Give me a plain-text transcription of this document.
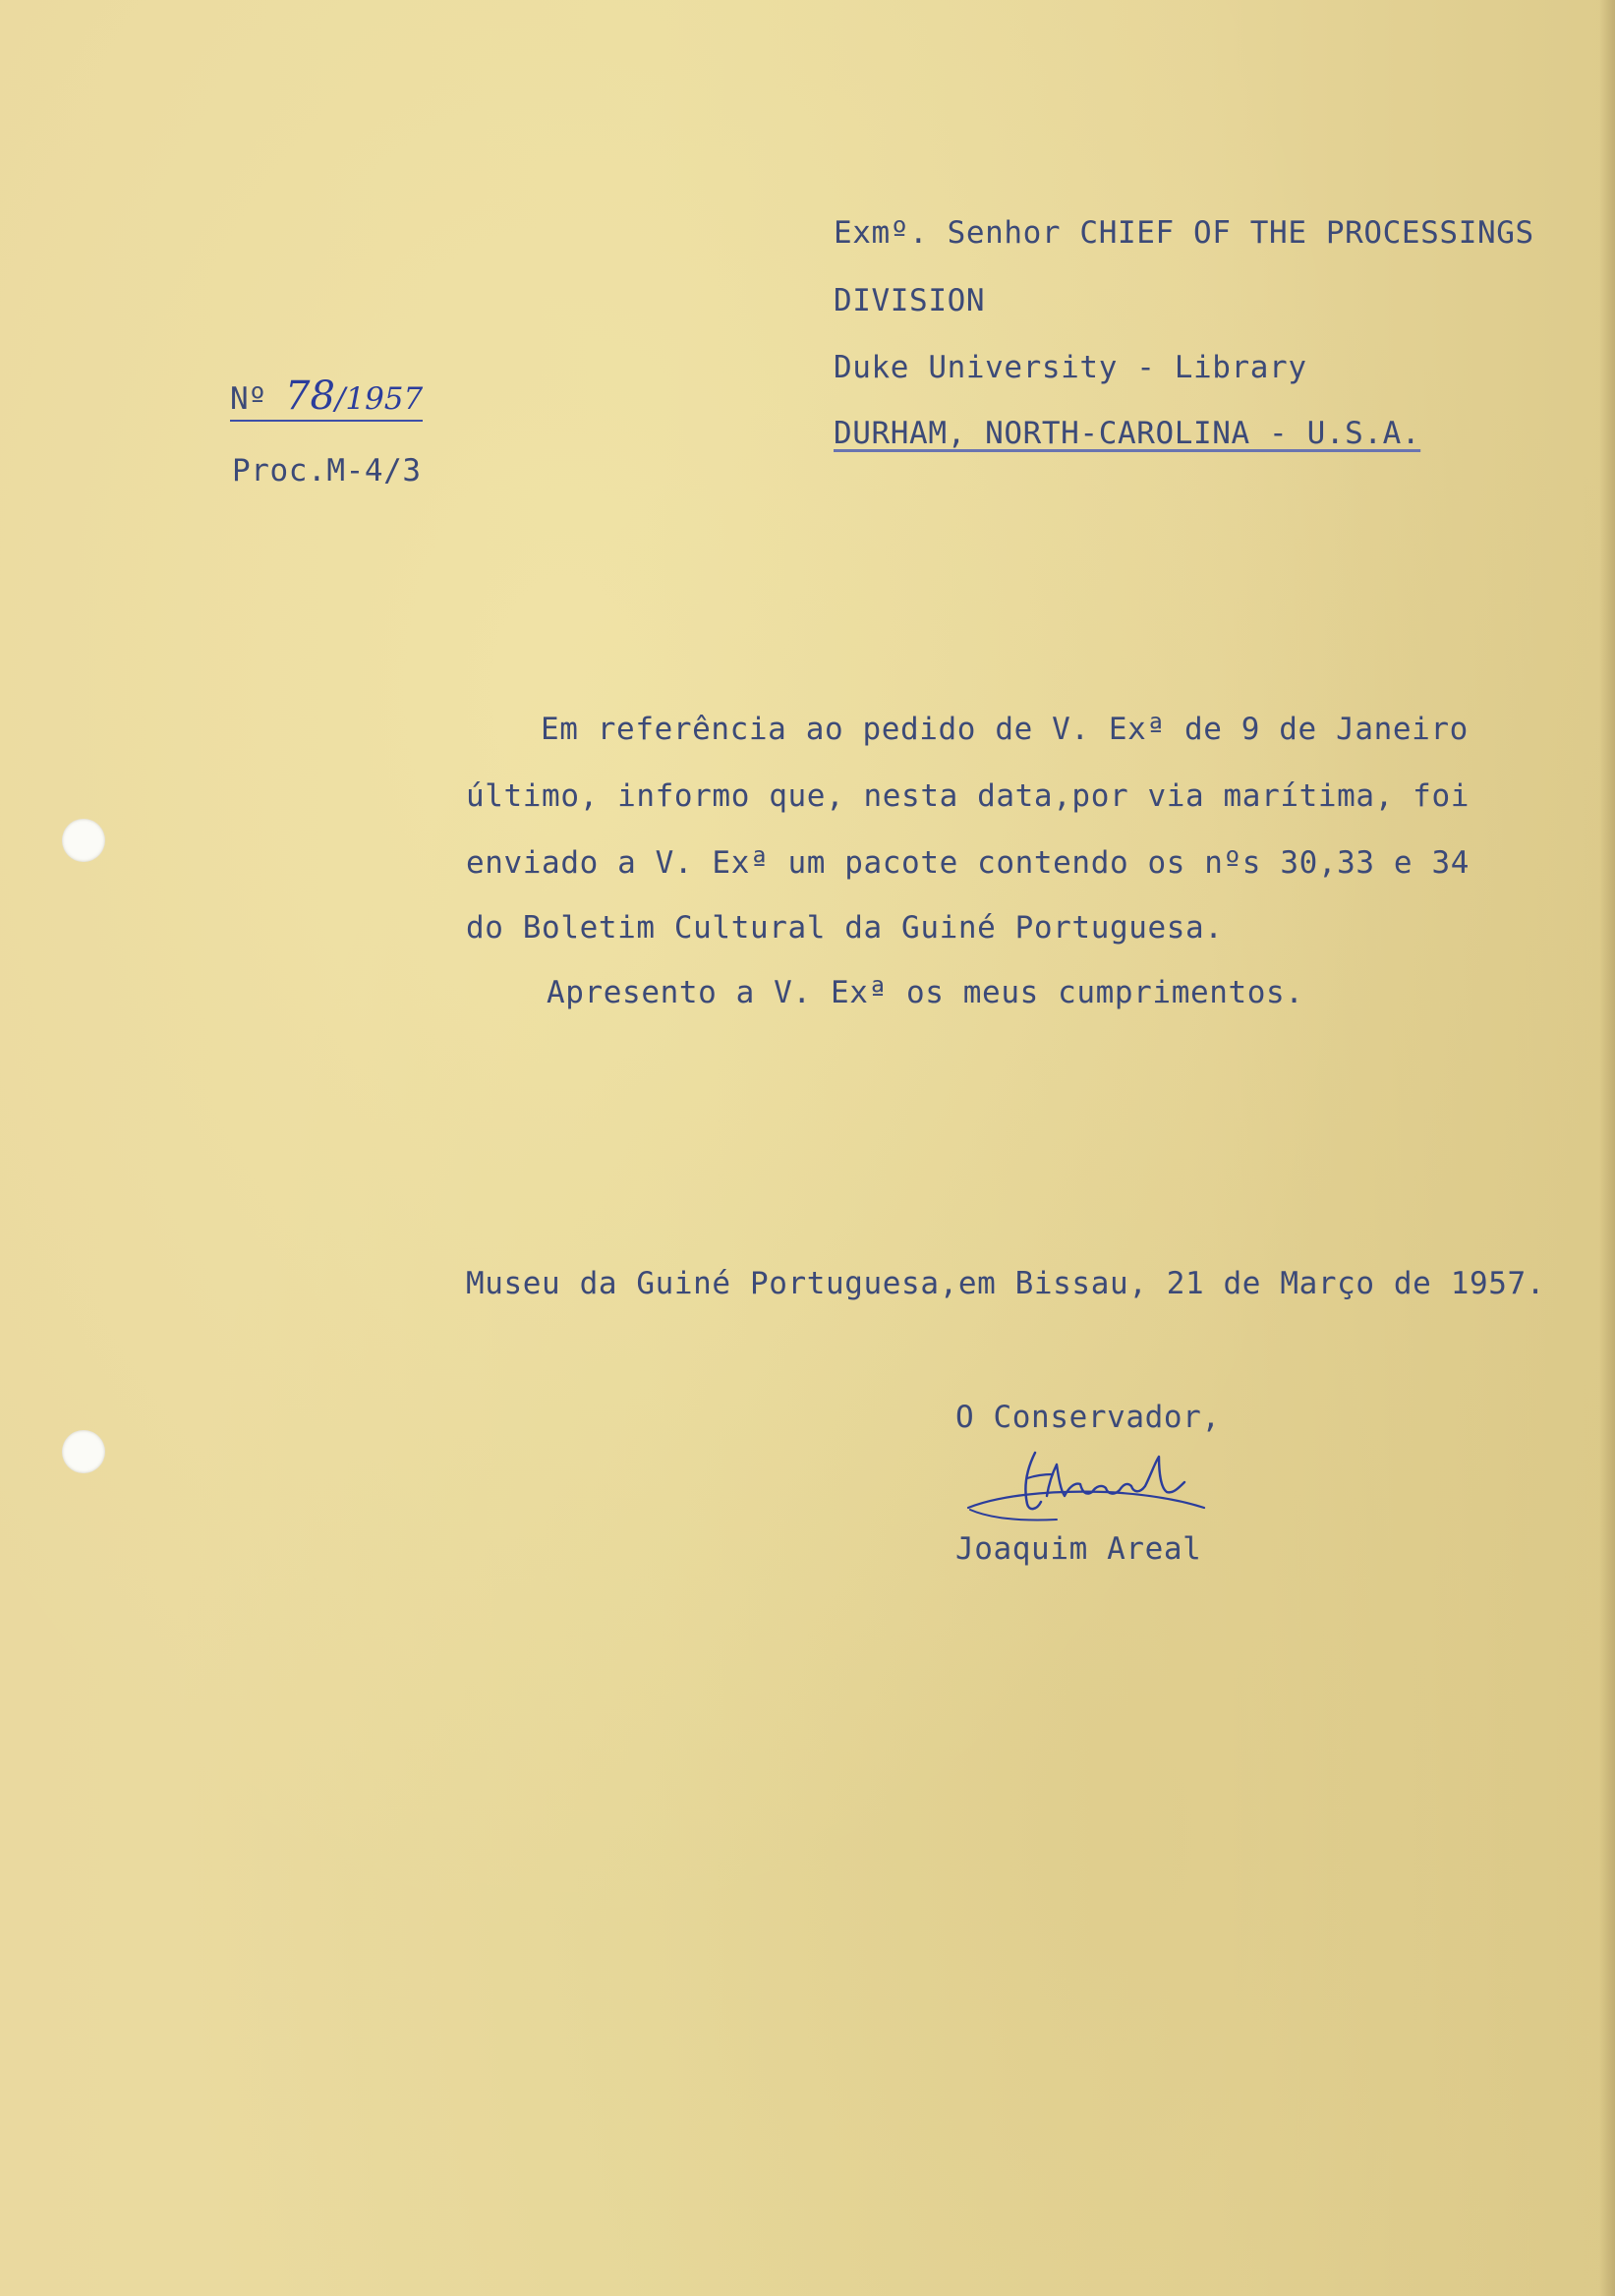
Exmº. Senhor CHIEF OF THE PROCESSINGS
DIVISION
Duke University - Library
DURHAM, NORTH-CAROLINA - U.S.A.
Nº 78/1957
Proc.M-4/3
Em referência ao pedido de V. Exª de 9 de Janeiro
último, informo que, nesta data,por via marítima, foi
enviado a V. Exª um pacote contendo os nºs 30,33 e 34
do Boletim Cultural da Guiné Portuguesa.
Apresento a V. Exª os meus cumprimentos.
Museu da Guiné Portuguesa,em Bissau, 21 de Março de 1957.
O Conservador,
Joaquim Areal
